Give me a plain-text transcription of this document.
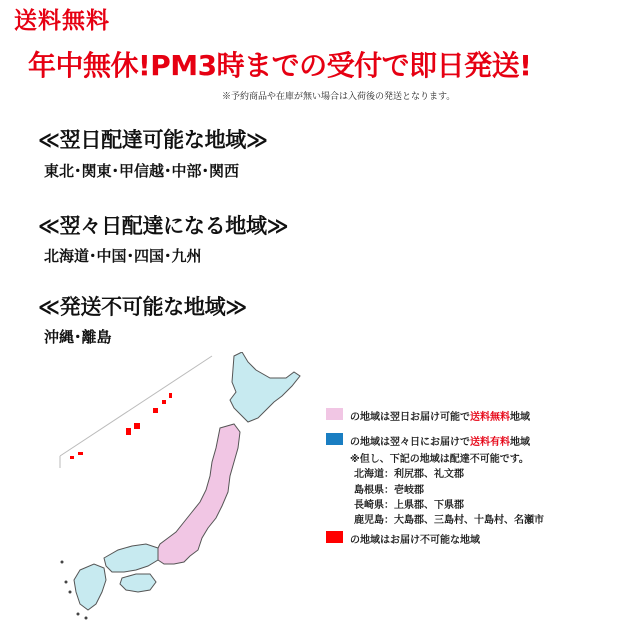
送料無料
年中無休!PM3時までの受付で即日発送!
※予約商品や在庫が無い場合は入荷後の発送となります。
≪翌日配達可能な地域≫
東北･関東･甲信越･中部･関西
≪翌々日配達になる地域≫
北海道･中国･四国･九州
≪発送不可能な地域≫
沖縄･離島
の地域は翌日お届け可能で送料無料地域
の地域は翌々日にお届けで送料有料地域
※但し、下記の地域は配達不可能です。
北海道：利尻郡、礼文郡
島根県：壱岐郡
長崎県：上県郡、下県郡
鹿児島：大島郡、三島村、十島村、名瀬市
の地域はお届け不可能な地域
